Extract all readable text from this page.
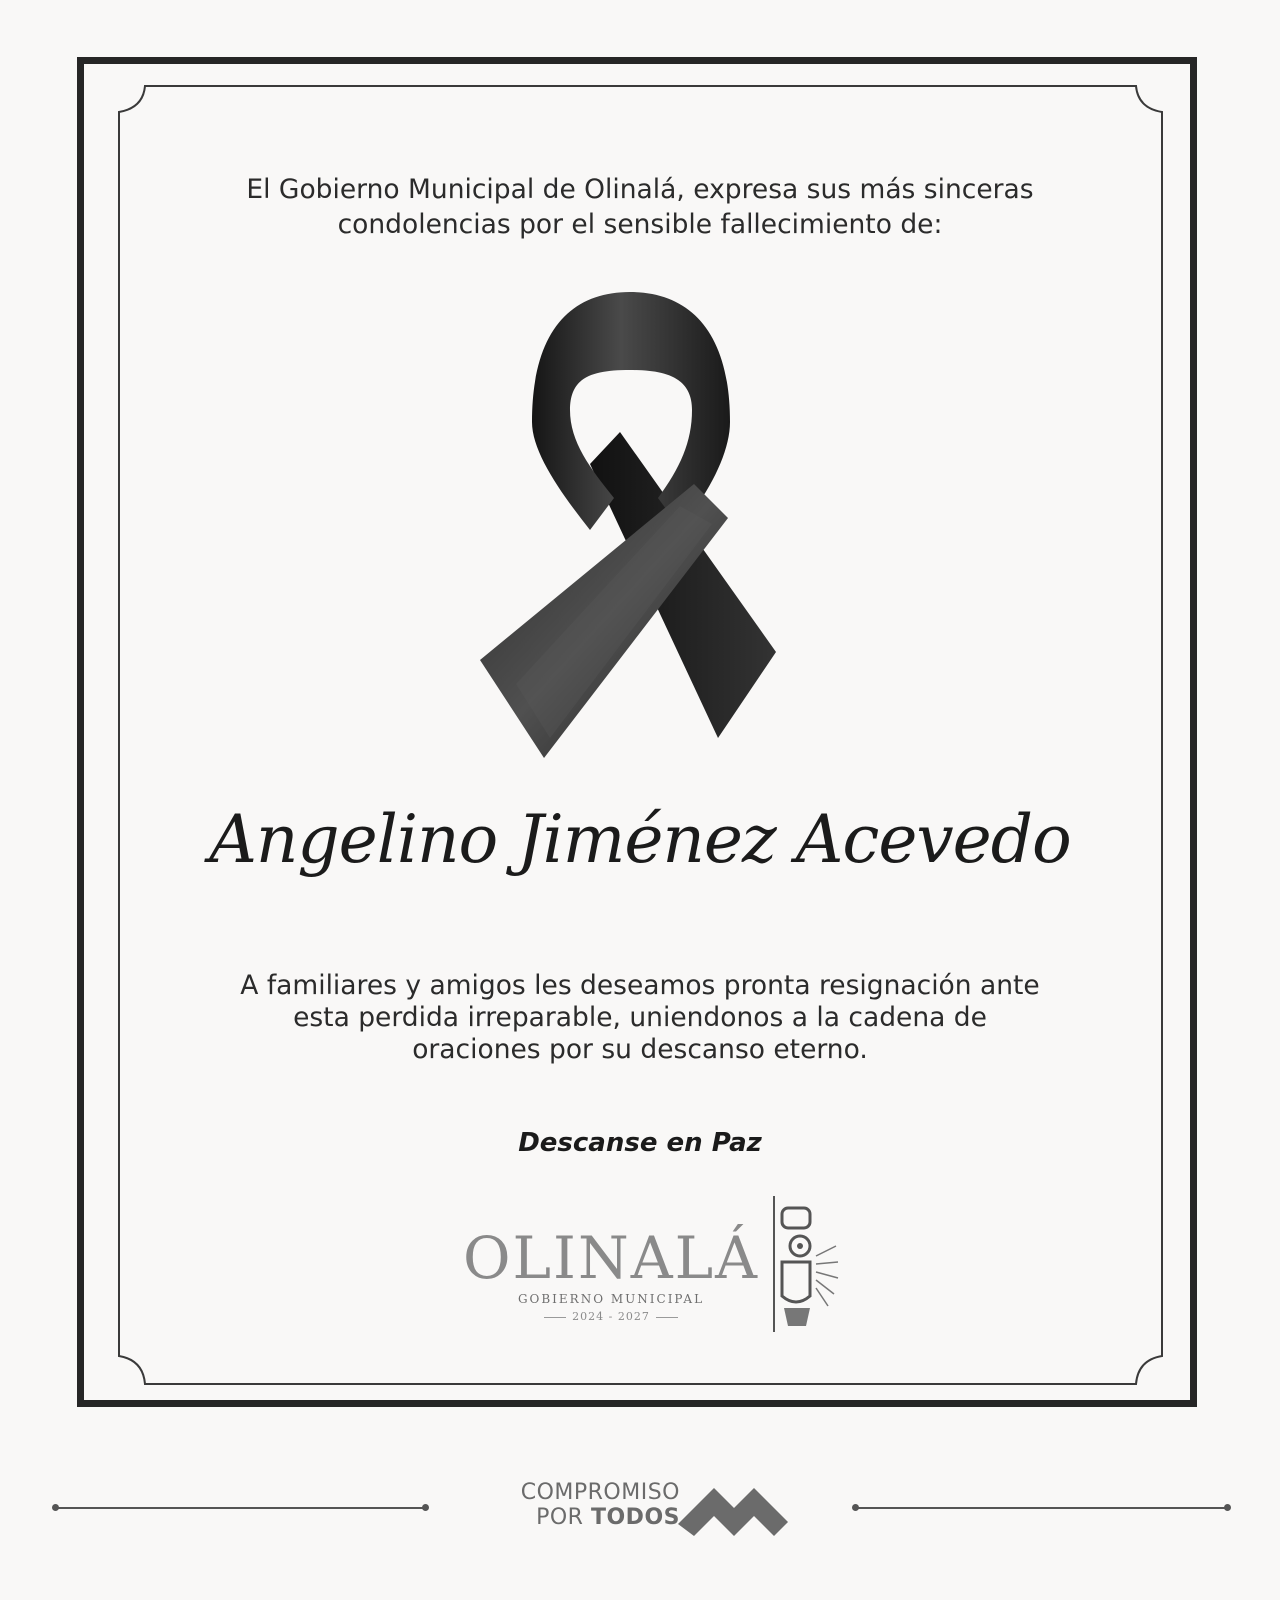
El Gobierno Municipal de Olinalá, expresa sus más sinceras
condolencias por el sensible fallecimiento de:
Angelino Jiménez Acevedo
A familiares y amigos les deseamos pronta resignación ante
esta perdida irreparable, uniendonos a la cadena de
oraciones por su descanso eterno.
Descanse en Paz
OLINALÁ
GOBIERNO MUNICIPAL
2024 - 2027
COMPROMISO
POR TODOS
